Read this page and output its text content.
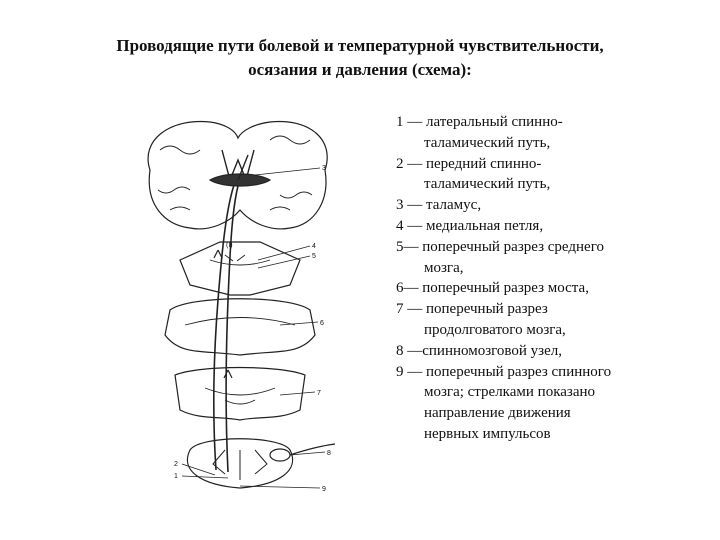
Проводящие пути болевой и температурной чувствительности,
осязания и давления (схема):
3
4
5
6
7
8
2
1
9
(I)
1 — латеральный спинно-
таламический путь,
2 — передний спинно-
таламический путь,
3 — таламус,
4 — медиальная петля,
5— поперечный разрез среднего
мозга,
6— поперечный разрез моста,
7 — поперечный разрез
продолговатого мозга,
8 —спинномозговой узел,
9 — поперечный разрез спинного
мозга; стрелками показано
направление движения
нервных импульсов
